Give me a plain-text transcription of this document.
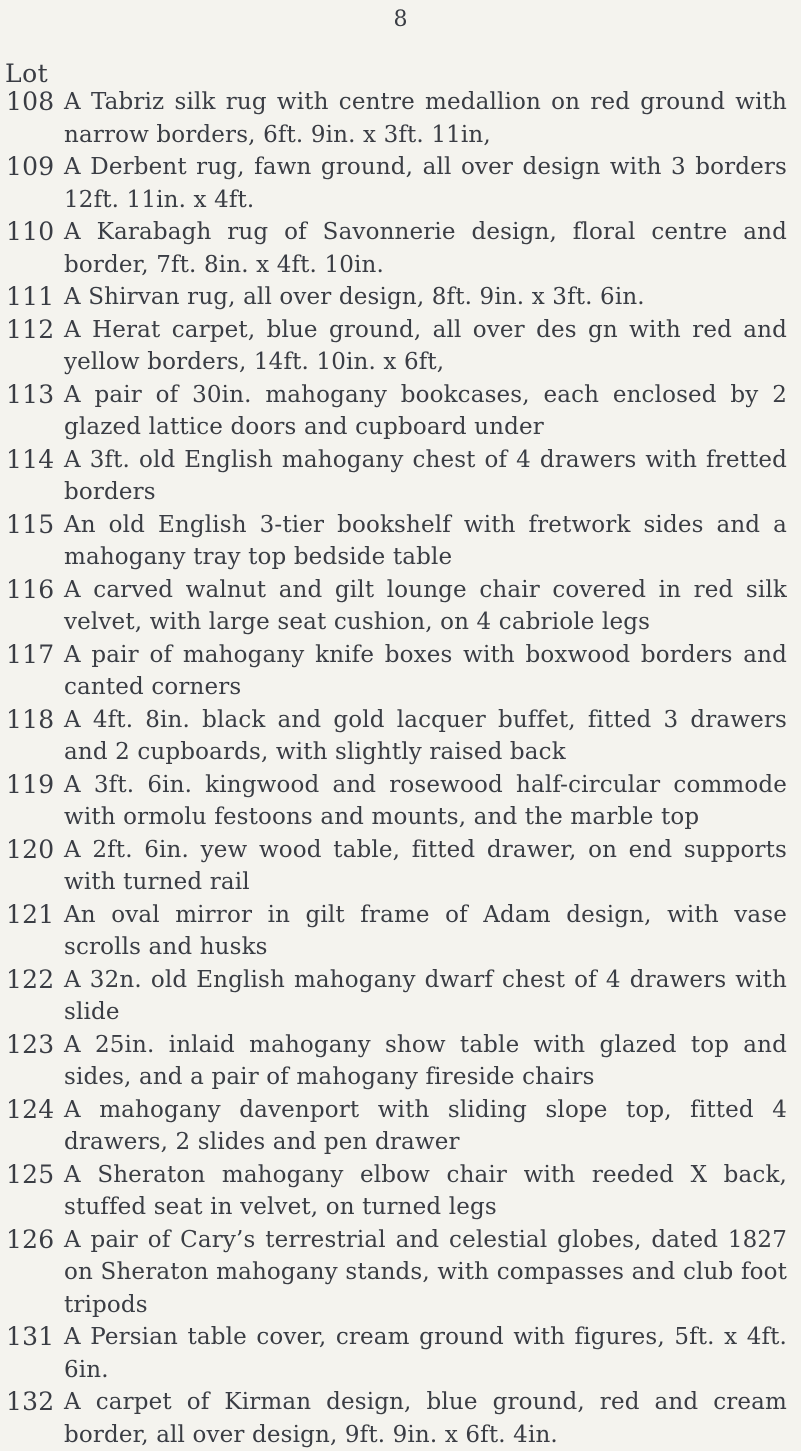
8
Lot
108 A Tabriz silk rug with centre medallion on red ground with narrow borders, 6ft. 9in. x 3ft. 11in,
109 A Derbent rug, fawn ground, all over design with 3 borders 12ft. 11in. x 4ft.
110 A Karabagh rug of Savonnerie design, floral centre and border, 7ft. 8in. x 4ft. 10in.
111 A Shirvan rug, all over design, 8ft. 9in. x 3ft. 6in.
112 A Herat carpet, blue ground, all over des gn with red and yellow borders, 14ft. 10in. x 6ft,
113 A pair of 30in. mahogany bookcases, each enclosed by 2 glazed lattice doors and cupboard under
114 A 3ft. old English mahogany chest of 4 drawers with fretted borders
115 An old English 3-tier bookshelf with fretwork sides and a mahogany tray top bedside table
116 A carved walnut and gilt lounge chair covered in red silk velvet, with large seat cushion, on 4 cabriole legs
117 A pair of mahogany knife boxes with boxwood borders and canted corners
118 A 4ft. 8in. black and gold lacquer buffet, fitted 3 drawers and 2 cupboards, with slightly raised back
119 A 3ft. 6in. kingwood and rosewood half-circular commode with ormolu festoons and mounts, and the marble top
120 A 2ft. 6in. yew wood table, fitted drawer, on end supports with turned rail
121 An oval mirror in gilt frame of Adam design, with vase scrolls and husks
122 A 32n. old English mahogany dwarf chest of 4 drawers with slide
123 A 25in. inlaid mahogany show table with glazed top and sides, and a pair of mahogany fireside chairs
124 A mahogany davenport with sliding slope top, fitted 4 drawers, 2 slides and pen drawer
125 A Sheraton mahogany elbow chair with reeded X back, stuffed seat in velvet, on turned legs
126 A pair of Cary’s terrestrial and celestial globes, dated 1827 on Sheraton mahogany stands, with compasses and club foot tripods
131 A Persian table cover, cream ground with figures, 5ft. x 4ft. 6in.
132 A carpet of Kirman design, blue ground, red and cream border, all over design, 9ft. 9in. x 6ft. 4in.
